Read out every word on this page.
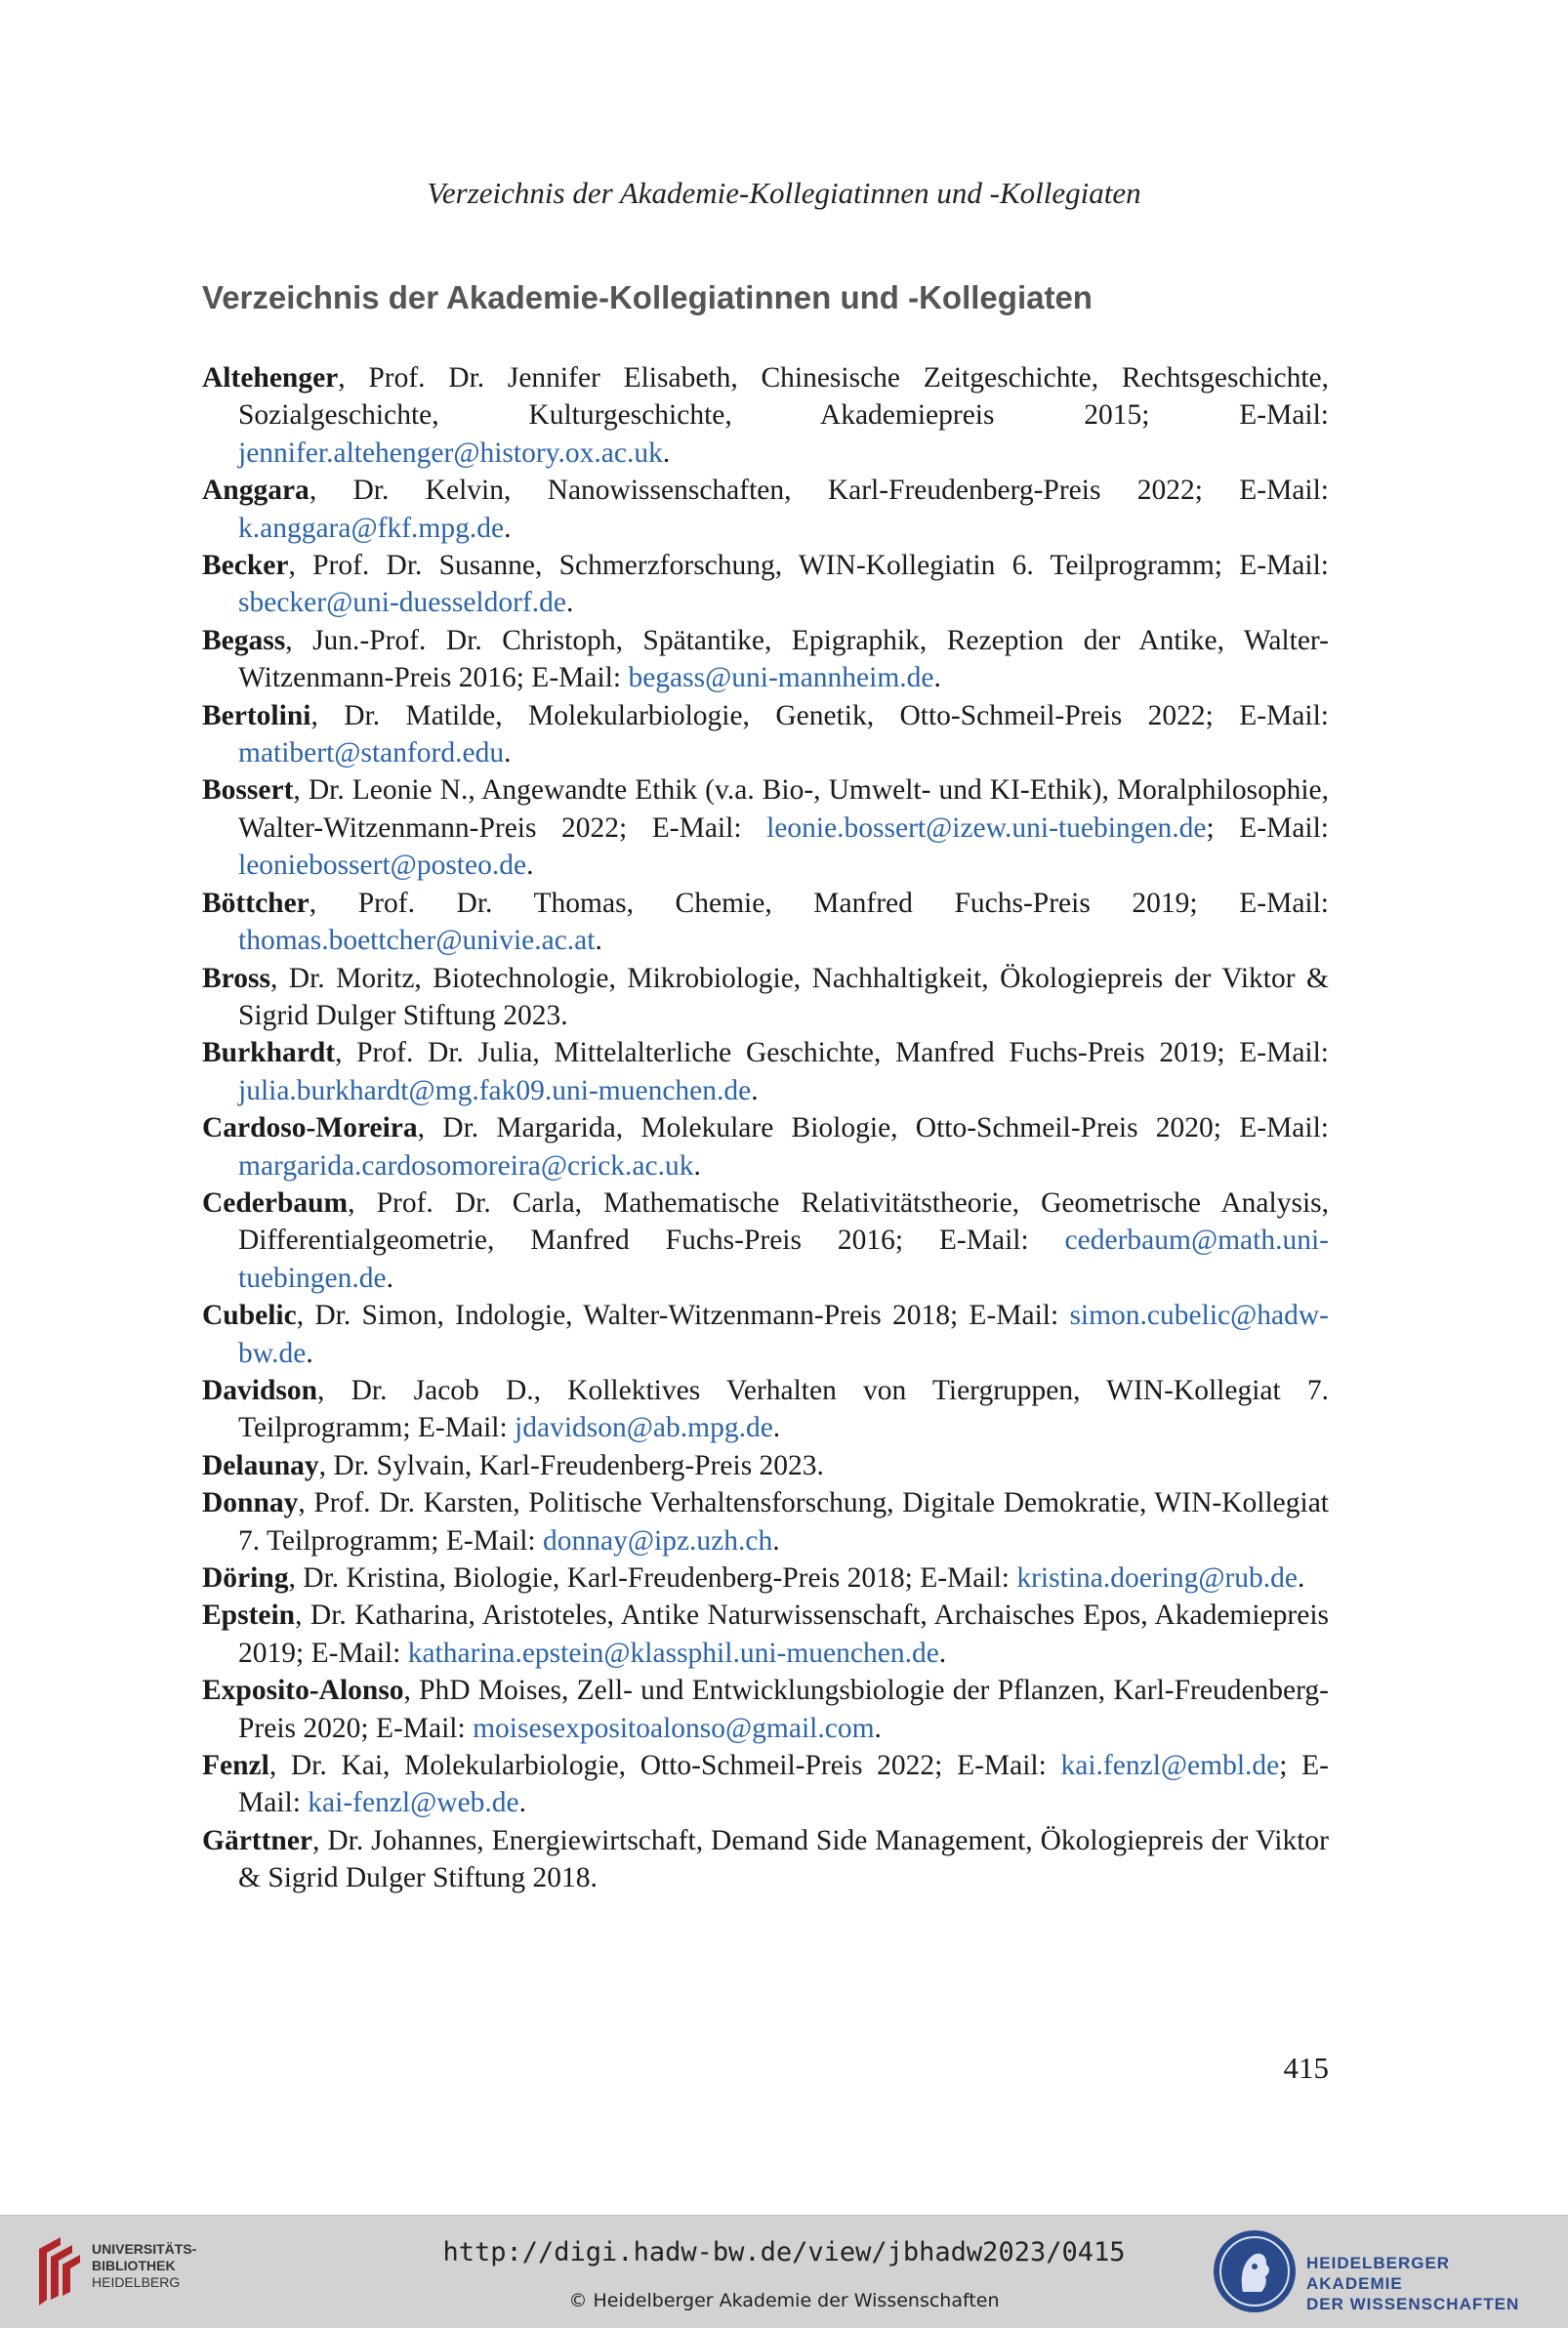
Verzeichnis der Akademie-Kollegiatinnen und -Kollegiaten
Verzeichnis der Akademie-Kollegiatinnen und -Kollegiaten

Altehenger, Prof. Dr. Jennifer Elisabeth, Chinesische Zeitgeschichte, Rechtsgeschichte, Sozialgeschichte, Kulturgeschichte, Akademiepreis 2015; E-Mail: jennifer.altehenger@history.ox.ac.uk.

Anggara, Dr. Kelvin, Nanowissenschaften, Karl-Freudenberg-Preis 2022; E-Mail: k.anggara@fkf.mpg.de.

Becker, Prof. Dr. Susanne, Schmerzforschung, WIN-Kollegiatin 6. Teilprogramm; E-Mail: sbecker@uni-duesseldorf.de.

Begass, Jun.-Prof. Dr. Christoph, Spätantike, Epigraphik, Rezeption der Antike, Walter-Witzenmann-Preis 2016; E-Mail: begass@uni-mannheim.de.

Bertolini, Dr. Matilde, Molekularbiologie, Genetik, Otto-Schmeil-Preis 2022; E-Mail: matibert@stanford.edu.

Bossert, Dr. Leonie N., Angewandte Ethik (v.a. Bio-, Umwelt- und KI-Ethik), Moralphilosophie, Walter-Witzenmann-Preis 2022; E-Mail: leonie.bossert@izew.uni-tuebingen.de; E-Mail: leoniebossert@posteo.de.

Böttcher, Prof. Dr. Thomas, Chemie, Manfred Fuchs-Preis 2019; E-Mail: thomas.boettcher@univie.ac.at.

Bross, Dr. Moritz, Biotechnologie, Mikrobiologie, Nachhaltigkeit, Ökologiepreis der Viktor & Sigrid Dulger Stiftung 2023.

Burkhardt, Prof. Dr. Julia, Mittelalterliche Geschichte, Manfred Fuchs-Preis 2019; E-Mail: julia.burkhardt@mg.fak09.uni-muenchen.de.

Cardoso-Moreira, Dr. Margarida, Molekulare Biologie, Otto-Schmeil-Preis 2020; E-Mail: margarida.cardosomoreira@crick.ac.uk.

Cederbaum, Prof. Dr. Carla, Mathematische Relativitätstheorie, Geometrische Analysis, Differentialgeometrie, Manfred Fuchs-Preis 2016; E-Mail: cederbaum@math.uni-tuebingen.de.

Cubelic, Dr. Simon, Indologie, Walter-Witzenmann-Preis 2018; E-Mail: simon.cubelic@hadw-bw.de.

Davidson, Dr. Jacob D., Kollektives Verhalten von Tiergruppen, WIN-Kollegiat 7. Teilprogramm; E-Mail: jdavidson@ab.mpg.de.

Delaunay, Dr. Sylvain, Karl-Freudenberg-Preis 2023.

Donnay, Prof. Dr. Karsten, Politische Verhaltensforschung, Digitale Demokratie, WIN-Kollegiat 7. Teilprogramm; E-Mail: donnay@ipz.uzh.ch.

Döring, Dr. Kristina, Biologie, Karl-Freudenberg-Preis 2018; E-Mail: kristina.doering@rub.de.

Epstein, Dr. Katharina, Aristoteles, Antike Naturwissenschaft, Archaisches Epos, Akademiepreis 2019; E-Mail: katharina.epstein@klassphil.uni-muenchen.de.

Exposito-Alonso, PhD Moises, Zell- und Entwicklungsbiologie der Pflanzen, Karl-Freudenberg-Preis 2020; E-Mail: moisesexpositoalonso@gmail.com.

Fenzl, Dr. Kai, Molekularbiologie, Otto-Schmeil-Preis 2022; E-Mail: kai.fenzl@embl.de; E-Mail: kai-fenzl@web.de.

Gärttner, Dr. Johannes, Energiewirtschaft, Demand Side Management, Ökologiepreis der Viktor & Sigrid Dulger Stiftung 2018.

415
UNIVERSITÄTS-
BIBLIOTHEK
HEIDELBERG
http://digi.hadw-bw.de/view/jbhadw2023/0415
© Heidelberger Akademie der Wissenschaften
HEIDELBERGER AKADEMIE
DER WISSENSCHAFTEN
